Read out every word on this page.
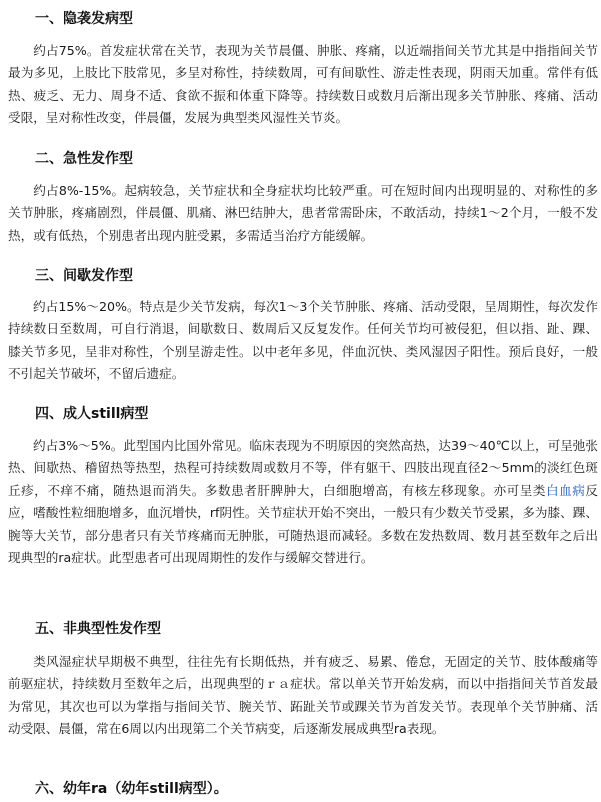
一、隐袭发病型
约占75%。首发症状常在关节，表现为关节晨僵、肿胀、疼痛，以近端指间关节尤其是中指指间关节最为多见，上肢比下肢常见，多呈对称性，持续数周，可有间歇性、游走性表现，阴雨天加重。常伴有低热、疲乏、无力、周身不适、食欲不振和体重下降等。持续数日或数月后渐出现多关节肿胀、疼痛、活动受限，呈对称性改变，伴晨僵，发展为典型类风湿性关节炎。
二、急性发作型
约占8%-15%。起病较急，关节症状和全身症状均比较严重。可在短时间内出现明显的、对称性的多关节肿胀，疼痛剧烈，伴晨僵、肌痛、淋巴结肿大，患者常需卧床，不敢活动，持续1～2个月，一般不发热，或有低热，个别患者出现内脏受累，多需适当治疗方能缓解。
三、间歇发作型
约占15%～20%。特点是少关节发病，每次1～3个关节肿胀、疼痛、活动受限，呈周期性，每次发作持续数日至数周，可自行消退，间歇数日、数周后又反复发作。任何关节均可被侵犯，但以指、趾、踝、膝关节多见，呈非对称性，个别呈游走性。以中老年多见，伴血沉快、类风湿因子阳性。预后良好，一般不引起关节破坏，不留后遗症。
四、成人still病型
约占3%～5%。此型国内比国外常见。临床表现为不明原因的突然高热，达39～40℃以上，可呈弛张热、间歇热、稽留热等热型，热程可持续数周或数月不等，伴有躯干、四肢出现直径2～5mm的淡红色斑丘疹，不痒不痛，随热退而消失。多数患者肝脾肿大，白细胞增高，有核左移现象。亦可呈类白血病反应，嗜酸性粒细胞增多，血沉增快，rf阴性。关节症状开始不突出，一般只有少数关节受累，多为膝、踝、腕等大关节，部分患者只有关节疼痛而无肿胀，可随热退而减轻。多数在发热数周、数月甚至数年之后出现典型的ra症状。此型患者可出现周期性的发作与缓解交替进行。
五、非典型性发作型
类风湿症状早期极不典型，往往先有长期低热，并有疲乏、易累、倦怠，无固定的关节、肢体酸痛等前驱症状，持续数月至数年之后，出现典型的ｒａ症状。常以单关节开始发病，而以中指指间关节首发最为常见，其次也可以为掌指与指间关节、腕关节、跖趾关节或踝关节为首发关节。表现单个关节肿痛、活动受限、晨僵，常在6周以内出现第二个关节病变，后逐渐发展成典型ra表现。
六、幼年ra（幼年still病型）。
